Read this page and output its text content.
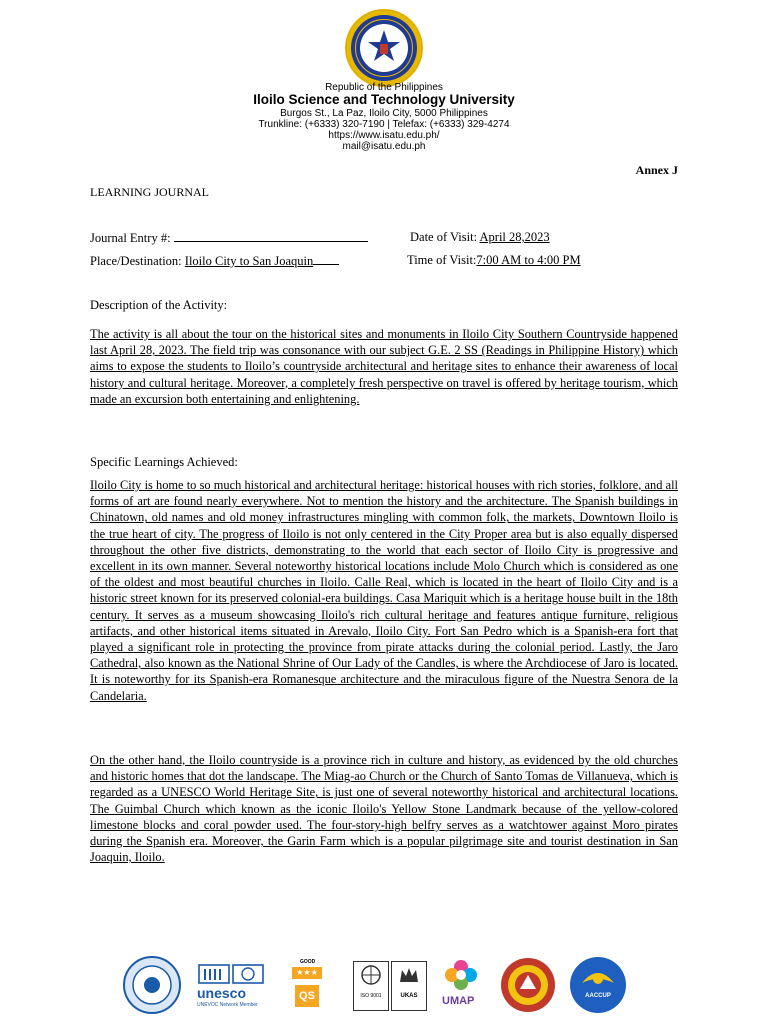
Republic of the Philippines
Iloilo Science and Technology University
Burgos St., La Paz, Iloilo City, 5000 Philippines
Trunkline: (+6333) 320-7190 | Telefax: (+6333) 329-4274
https://www.isatu.edu.ph/
mail@isatu.edu.ph
Annex J
LEARNING JOURNAL
Journal Entry #:	Date of Visit: April 28,2023
Place/Destination: Iloilo City to San Joaquin	Time of Visit:7:00 AM to 4:00 PM
Description of the Activity:
The activity is all about the tour on the historical sites and monuments in Iloilo City Southern Countryside happened last April 28, 2023. The field trip was consonance with our subject G.E. 2 SS (Readings in Philippine History) which aims to expose the students to Iloilo’s countryside architectural and heritage sites to enhance their awareness of local history and cultural heritage. Moreover, a completely fresh perspective on travel is offered by heritage tourism, which made an excursion both entertaining and enlightening.
Specific Learnings Achieved:
Iloilo City is home to so much historical and architectural heritage: historical houses with rich stories, folklore, and all forms of art are found nearly everywhere. Not to mention the history and the architecture. The Spanish buildings in Chinatown, old names and old money infrastructures mingling with common folk, the markets, Downtown Iloilo is the true heart of city. The progress of Iloilo is not only centered in the City Proper area but is also equally dispersed throughout the other five districts, demonstrating to the world that each sector of Iloilo City is progressive and excellent in its own manner. Several noteworthy historical locations include Molo Church which is considered as one of the oldest and most beautiful churches in Iloilo. Calle Real, which is located in the heart of Iloilo City and is a historic street known for its preserved colonial-era buildings. Casa Mariquit which is a heritage house built in the 18th century. It serves as a museum showcasing Iloilo's rich cultural heritage and features antique furniture, religious artifacts, and other historical items situated in Arevalo, Iloilo City. Fort San Pedro which is a Spanish-era fort that played a significant role in protecting the province from pirate attacks during the colonial period. Lastly, the Jaro Cathedral, also known as the National Shrine of Our Lady of the Candles, is where the Archdiocese of Jaro is located. It is noteworthy for its Spanish-era Romanesque architecture and the miraculous figure of the Nuestra Senora de la Candelaria.
On the other hand, the Iloilo countryside is a province rich in culture and history, as evidenced by the old churches and historic homes that dot the landscape. The Miag-ao Church or the Church of Santo Tomas de Villanueva, which is regarded as a UNESCO World Heritage Site, is just one of several noteworthy historical and architectural locations. The Guimbal Church which known as the iconic Iloilo's Yellow Stone Landmark because of the yellow-colored limestone blocks and coral powder used. The four-story-high belfry serves as a watchtower against Moro pirates during the Spanish era. Moreover, the Garin Farm which is a popular pilgrimage site and tourist destination in San Joaquin, Iloilo.
unesco
UNEVOC Network Member
GOOD
★★★
QS	ISO 9001	UKAS	UMAP	AACCUP
